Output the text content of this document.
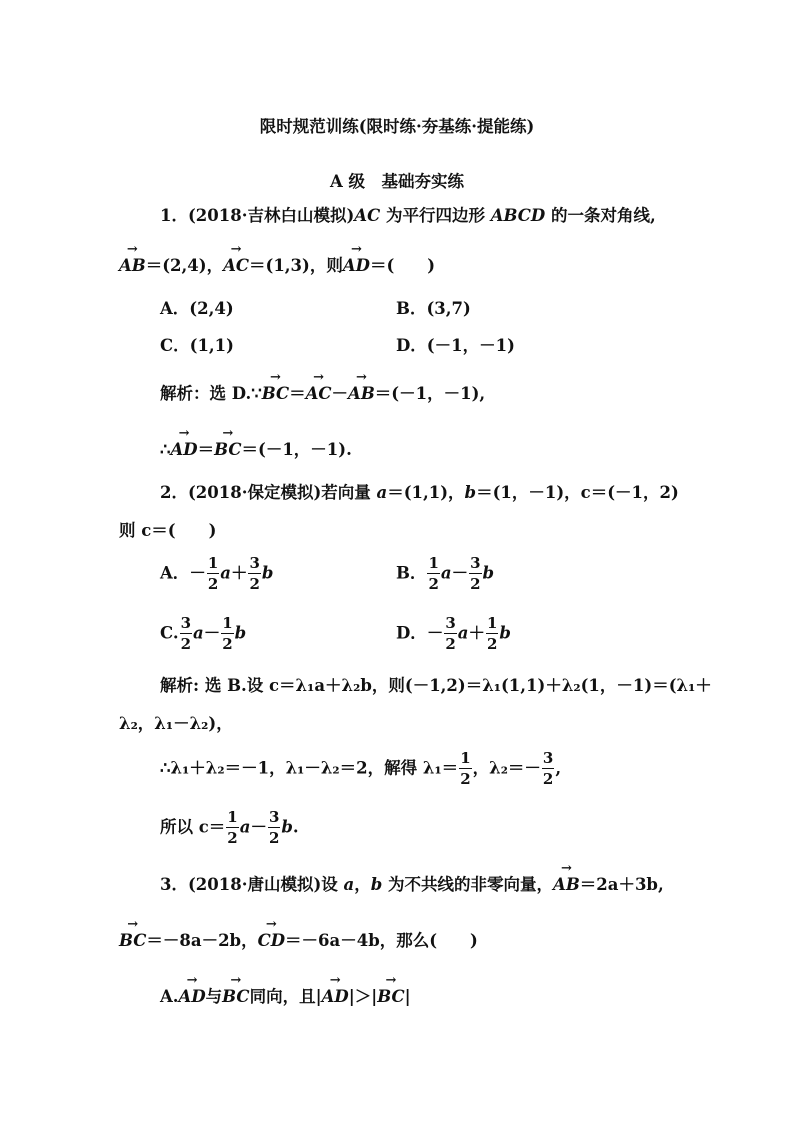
限时规范训练(限时练·夯基练·提能练)
A 级　基础夯实练
1．(2018·吉林白山模拟)AC 为平行四边形 ABCD 的一条对角线,
→ AB＝(2,4)，→ AC＝(1,3)，则→ AD＝(　　)
A．(2,4)	B．(3,7)
C．(1,1)	D．(－1，－1)
解析：选 D.∵→ BC＝→ AC－→ AB＝(－1，－1),
∴→ AD＝→ BC＝(－1，－1).
2．(2018·保定模拟)若向量 a＝(1,1)，b＝(1，－1)，c＝(－1，2)
则 c＝(　　)
A．－ $\frac{1}{2} a+ \frac{3}{2}$ b	B． $\frac{1}{2} a- \frac{3}{2}$ b
C. $\frac{3}{2} a- \frac{1}{2}$ b	D．－ $\frac{3}{2} a+ \frac{1}{2}$ b
解析: 选 B.设 c＝λ₁a＋λ₂b，则(－1,2)＝λ₁(1,1)＋λ₂(1，－1)＝(λ₁＋
λ₂，λ₁－λ₂)，
∴λ₁＋λ₂＝－1，λ₁－λ₂＝2，解得 $\lambda_1= \frac{1}{2}$ ，$\lambda_2=- \frac{3}{2}$ ,
所以 $c= \frac{1}{2} a- \frac{3}{2} b$.
3．(2018·唐山模拟)设 a，b 为不共线的非零向量，→ AB＝2a＋3b,
→ BC＝－8a－2b，→ CD＝－6a－4b，那么(　　)
A.→ AD与→ BC同向，且|→ AD|＞|→ BC|
